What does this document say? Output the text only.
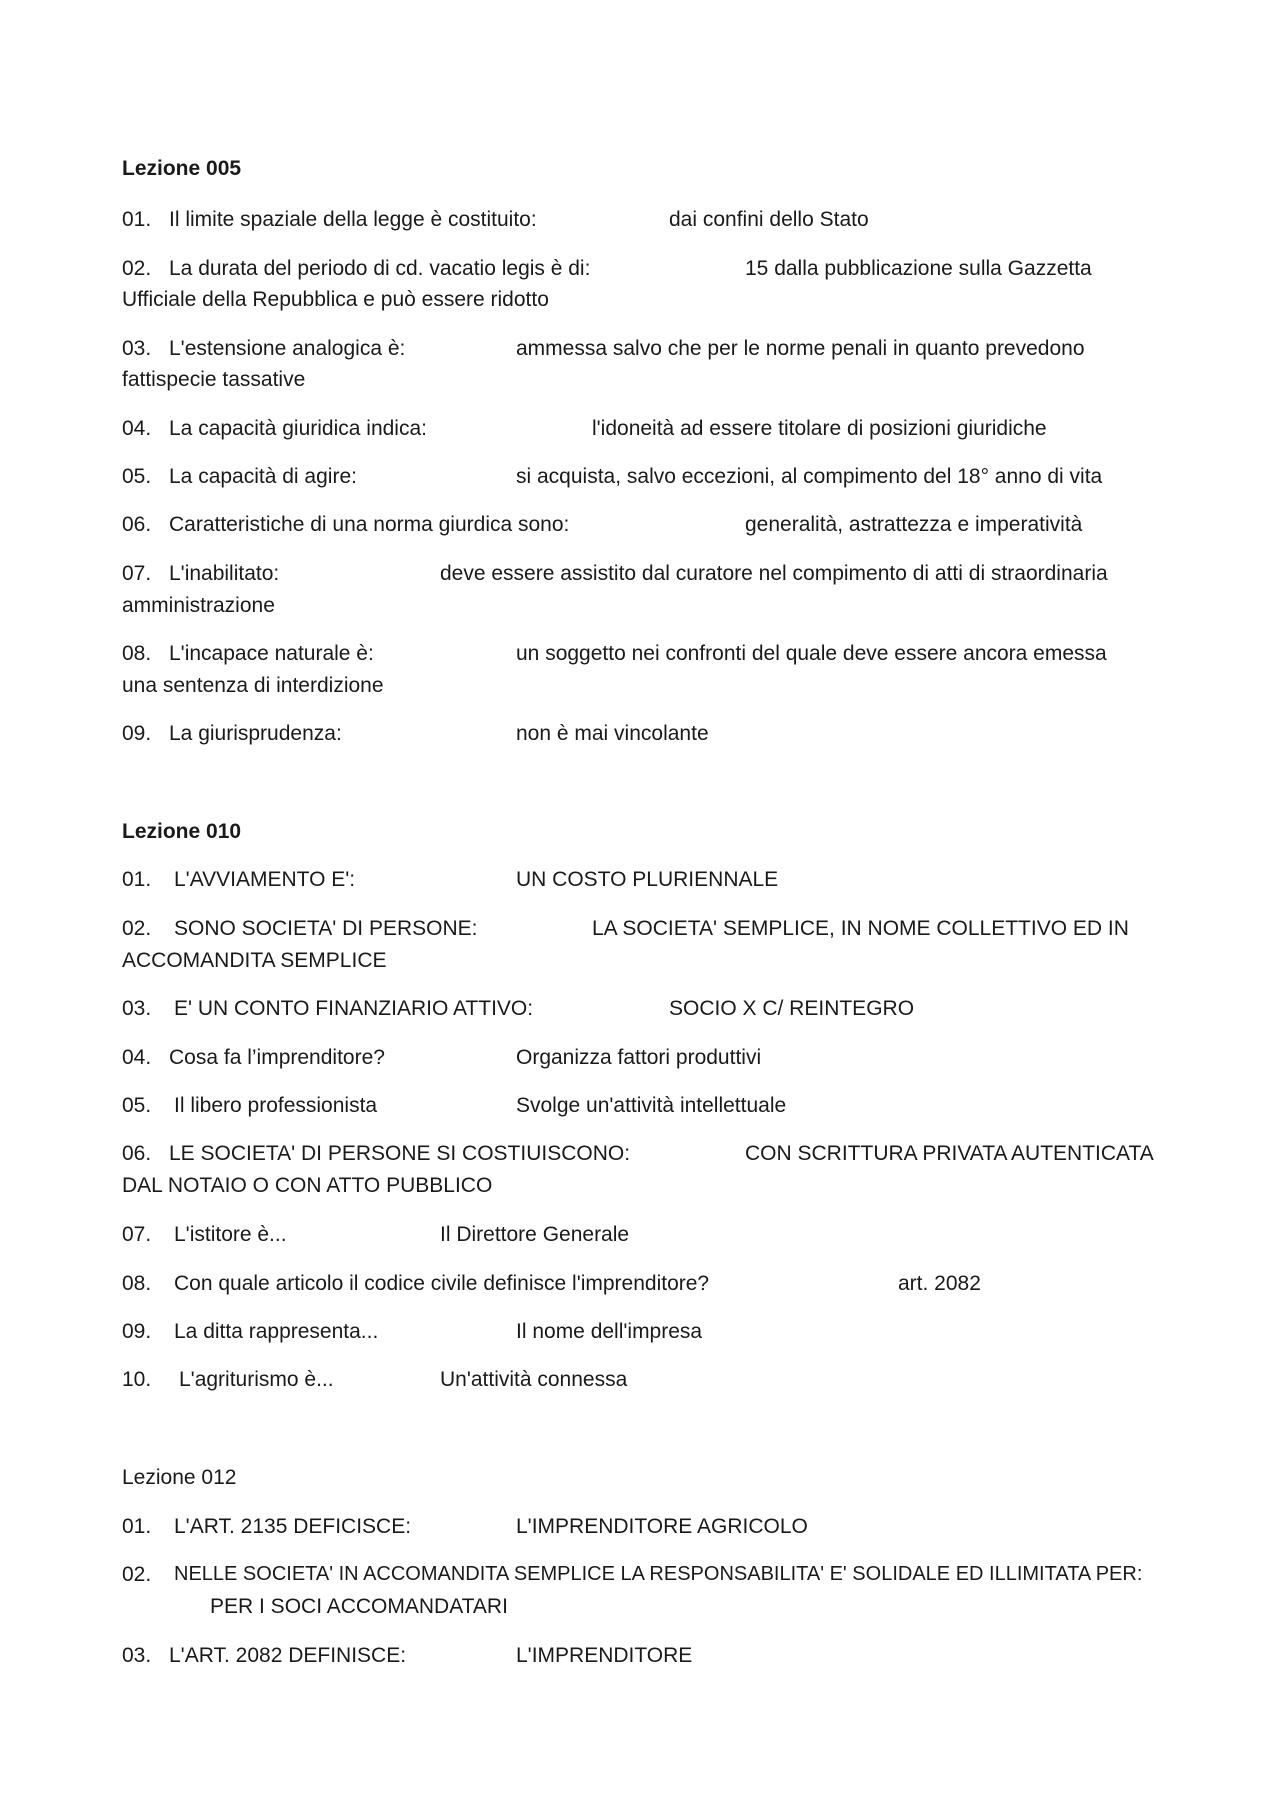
Lezione 005
01. Il limite spaziale della legge è costituito:	dai confini dello Stato
02. La durata del periodo di cd. vacatio legis è di:	15 dalla pubblicazione sulla Gazzetta
Ufficiale della Repubblica e può essere ridotto
03. L'estensione analogica è:	ammessa salvo che per le norme penali in quanto prevedono
fattispecie tassative
04. La capacità giuridica indica:	l'idoneità ad essere titolare di posizioni giuridiche
05. La capacità di agire:	si acquista, salvo eccezioni, al compimento del 18° anno di vita
06. Caratteristiche di una norma giurdica sono:	generalità, astrattezza e imperatività
07. L'inabilitato:	deve essere assistito dal curatore nel compimento di atti di straordinaria
amministrazione
08. L'incapace naturale è:	un soggetto nei confronti del quale deve essere ancora emessa
una sentenza di interdizione
09. La giurisprudenza:	non è mai vincolante
Lezione 010
01. L'AVVIAMENTO E':	UN COSTO PLURIENNALE
02. SONO SOCIETA' DI PERSONE:	LA SOCIETA' SEMPLICE, IN NOME COLLETTIVO ED IN
ACCOMANDITA SEMPLICE
03. E' UN CONTO FINANZIARIO ATTIVO:	SOCIO X C/ REINTEGRO
04. Cosa fa l’imprenditore?	Organizza fattori produttivi
05. Il libero professionista	Svolge un'attività intellettuale
06. LE SOCIETA' DI PERSONE SI COSTIUISCONO:	CON SCRITTURA PRIVATA AUTENTICATA
DAL NOTAIO O CON ATTO PUBBLICO
07. L'istitore è...	Il Direttore Generale
08. Con quale articolo il codice civile definisce l'imprenditore?	art. 2082
09. La ditta rappresenta...	Il nome dell'impresa
10. L'agriturismo è...	Un'attività connessa
Lezione 012
01. L'ART. 2135 DEFICISCE:	L'IMPRENDITORE AGRICOLO
02. NELLE SOCIETA' IN ACCOMANDITA SEMPLICE LA RESPONSABILITA' E' SOLIDALE ED ILLIMITATA PER:
PER I SOCI ACCOMANDATARI
03. L'ART. 2082 DEFINISCE:	L'IMPRENDITORE
